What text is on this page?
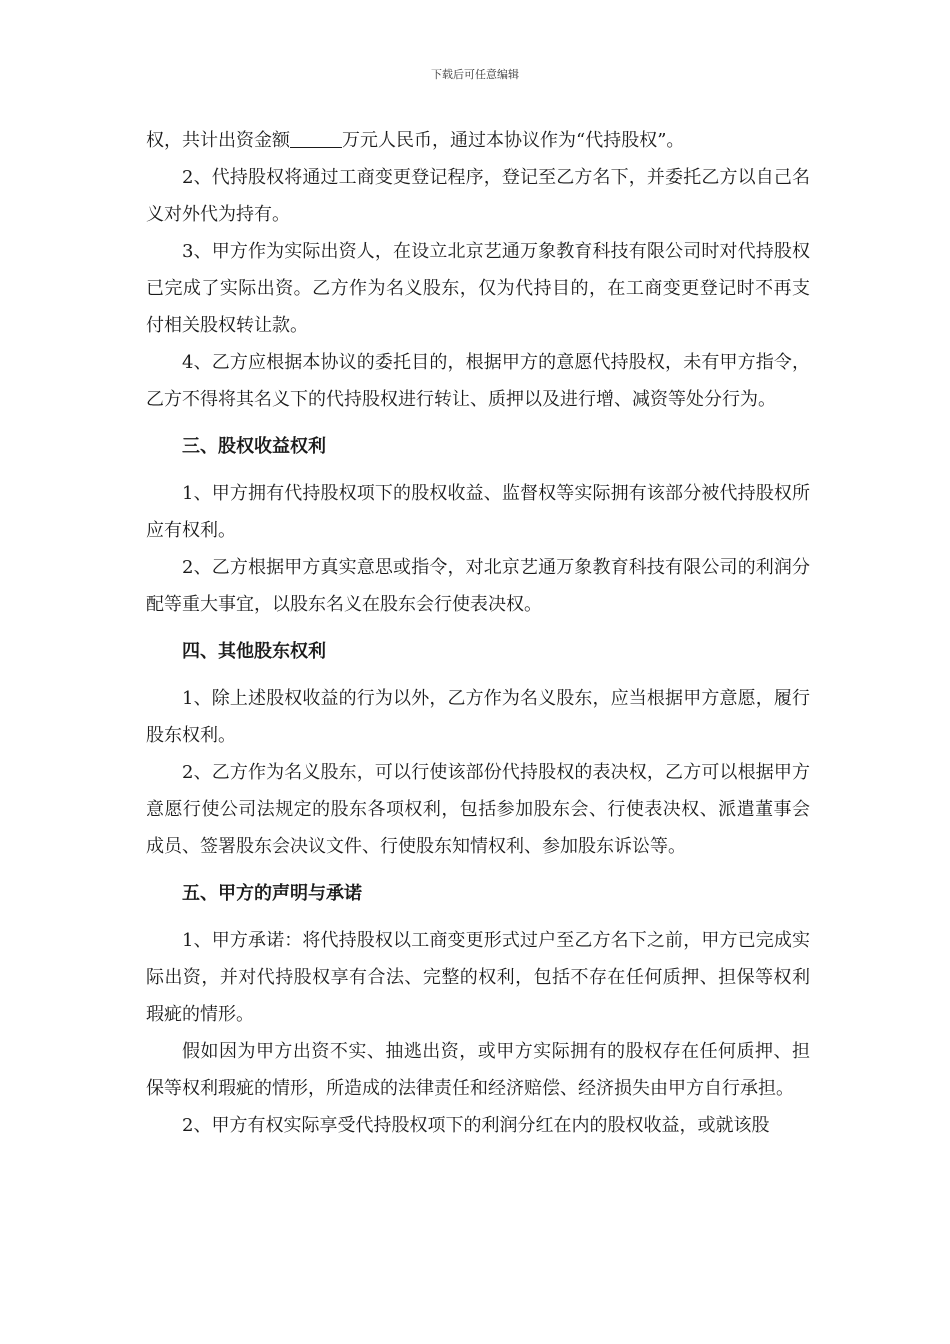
下载后可任意编辑

权，共计出资金额	万元人民币，通过本协议作为“代持股权”。

2、代持股权将通过工商变更登记程序，登记至乙方名下，并委托乙方以自己名义对外代为持有。

3、甲方作为实际出资人，在设立北京艺通万象教育科技有限公司时对代持股权已完成了实际出资。乙方作为名义股东，仅为代持目的，在工商变更登记时不再支付相关股权转让款。

4、乙方应根据本协议的委托目的，根据甲方的意愿代持股权，未有甲方指令，乙方不得将其名义下的代持股权进行转让、质押以及进行增、减资等处分行为。

三、股权收益权利

1、甲方拥有代持股权项下的股权收益、监督权等实际拥有该部分被代持股权所应有权利。

2、乙方根据甲方真实意思或指令，对北京艺通万象教育科技有限公司的利润分配等重大事宜，以股东名义在股东会行使表决权。

四、其他股东权利

1、除上述股权收益的行为以外，乙方作为名义股东，应当根据甲方意愿，履行股东权利。

2、乙方作为名义股东，可以行使该部份代持股权的表决权，乙方可以根据甲方意愿行使公司法规定的股东各项权利，包括参加股东会、行使表决权、派遣董事会成员、签署股东会决议文件、行使股东知情权利、参加股东诉讼等。

五、甲方的声明与承诺

1、甲方承诺：将代持股权以工商变更形式过户至乙方名下之前，甲方已完成实际出资，并对代持股权享有合法、完整的权利，包括不存在任何质押、担保等权利瑕疵的情形。

假如因为甲方出资不实、抽逃出资，或甲方实际拥有的股权存在任何质押、担保等权利瑕疵的情形，所造成的法律责任和经济赔偿、经济损失由甲方自行承担。

2、甲方有权实际享受代持股权项下的利润分红在内的股权收益，或就该股
